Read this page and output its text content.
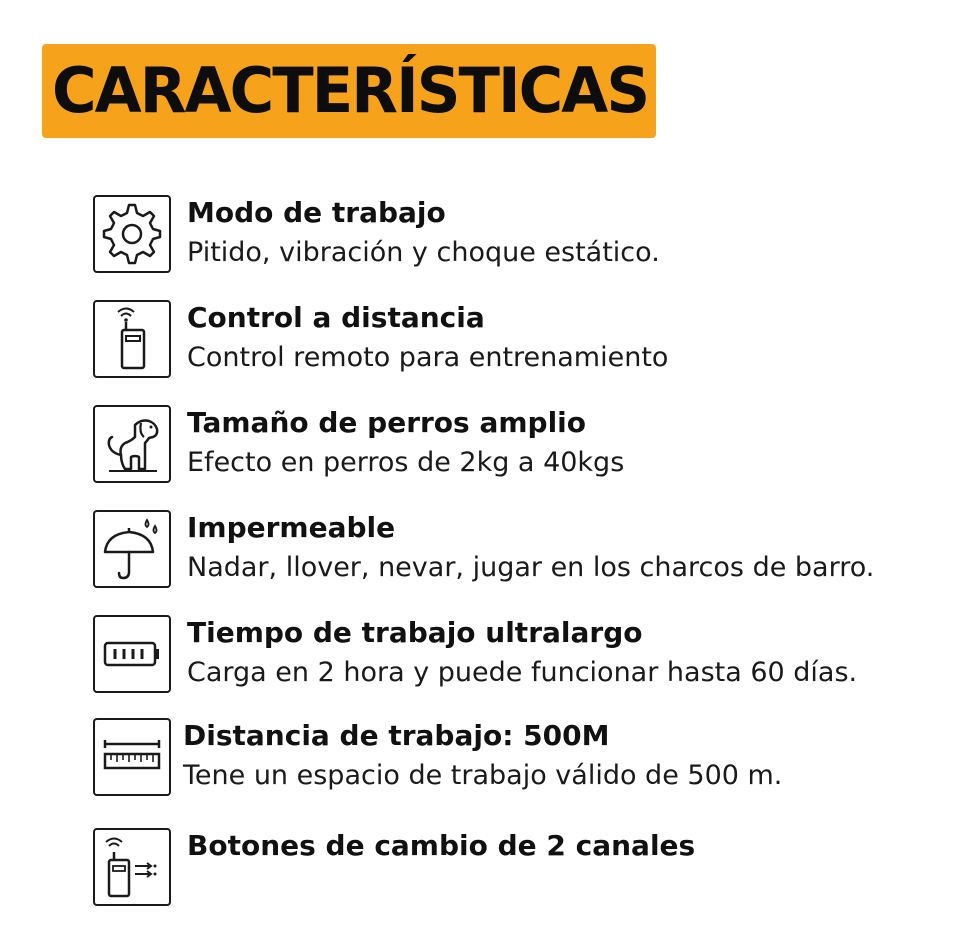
CARACTERÍSTICAS
Modo de trabajo
Pitido, vibración y choque estático.
Control a distancia
Control remoto para entrenamiento
Tamaño de perros amplio
Efecto en perros de 2kg a 40kgs
Impermeable
Nadar, llover, nevar, jugar en los charcos de barro.
Tiempo de trabajo ultralargo
Carga en 2 hora y puede funcionar hasta 60 días.
Distancia de trabajo: 500M
Tene un espacio de trabajo válido de 500 m.
Botones de cambio de 2 canales
